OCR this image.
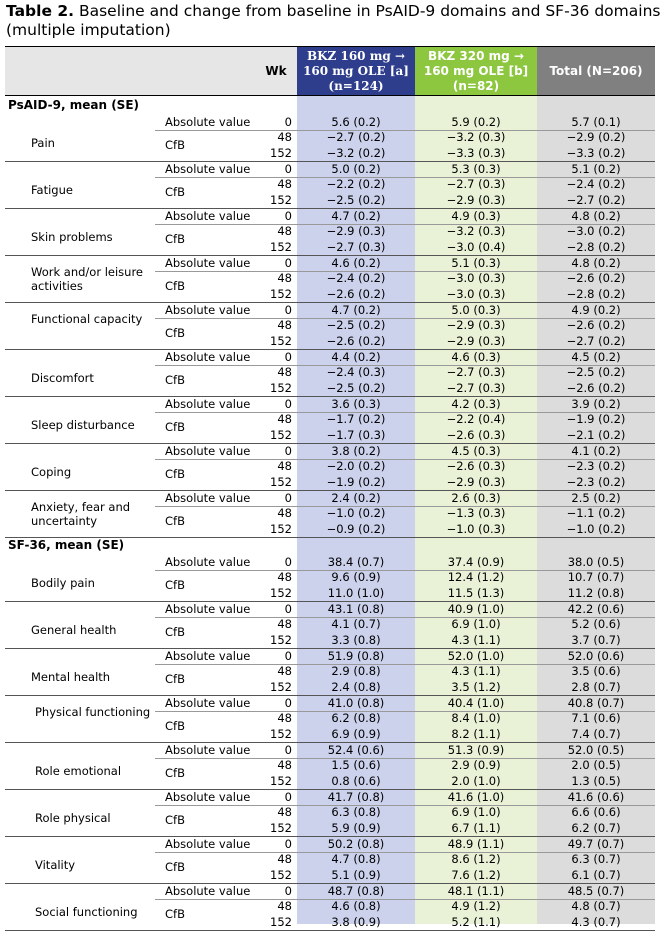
Table 2. Baseline and change from baseline in PsAID-9 domains and SF-36 domains (multiple imputation)
Wk
BKZ 160 mg → 160 mg OLE [a] (n=124)
BKZ 320 mg → 160 mg OLE [b] (n=82)
Total (N=206)
PsAID-9, mean (SE)
Pain
Absolute value	0	5.6 (0.2)	5.9 (0.2)	5.7 (0.1)
CfB
48	−2.7 (0.2)	−3.2 (0.3)	−2.9 (0.2)
152	−3.2 (0.2)	−3.3 (0.3)	−3.3 (0.2)
Fatigue
Absolute value	0	5.0 (0.2)	5.3 (0.3)	5.1 (0.2)
CfB
48	−2.2 (0.2)	−2.7 (0.3)	−2.4 (0.2)
152	−2.5 (0.2)	−2.9 (0.3)	−2.7 (0.2)
Skin problems
Absolute value	0	4.7 (0.2)	4.9 (0.3)	4.8 (0.2)
CfB
48	−2.9 (0.3)	−3.2 (0.3)	−3.0 (0.2)
152	−2.7 (0.3)	−3.0 (0.4)	−2.8 (0.2)
Work and/or leisure activities
Absolute value	0	4.6 (0.2)	5.1 (0.3)	4.8 (0.2)
CfB
48	−2.4 (0.2)	−3.0 (0.3)	−2.6 (0.2)
152	−2.6 (0.2)	−3.0 (0.3)	−2.8 (0.2)
Functional capacity
Absolute value	0	4.7 (0.2)	5.0 (0.3)	4.9 (0.2)
CfB
48	−2.5 (0.2)	−2.9 (0.3)	−2.6 (0.2)
152	−2.6 (0.2)	−2.9 (0.3)	−2.7 (0.2)
Discomfort
Absolute value	0	4.4 (0.2)	4.6 (0.3)	4.5 (0.2)
CfB
48	−2.4 (0.3)	−2.7 (0.3)	−2.5 (0.2)
152	−2.5 (0.2)	−2.7 (0.3)	−2.6 (0.2)
Sleep disturbance
Absolute value	0	3.6 (0.3)	4.2 (0.3)	3.9 (0.2)
CfB
48	−1.7 (0.2)	−2.2 (0.4)	−1.9 (0.2)
152	−1.7 (0.3)	−2.6 (0.3)	−2.1 (0.2)
Coping
Absolute value	0	3.8 (0.2)	4.5 (0.3)	4.1 (0.2)
CfB
48	−2.0 (0.2)	−2.6 (0.3)	−2.3 (0.2)
152	−1.9 (0.2)	−2.9 (0.3)	−2.3 (0.2)
Anxiety, fear and uncertainty
Absolute value	0	2.4 (0.2)	2.6 (0.3)	2.5 (0.2)
CfB
48	−1.0 (0.2)	−1.3 (0.3)	−1.1 (0.2)
152	−0.9 (0.2)	−1.0 (0.3)	−1.0 (0.2)
SF-36, mean (SE)
Bodily pain
Absolute value	0	38.4 (0.7)	37.4 (0.9)	38.0 (0.5)
CfB
48	9.6 (0.9)	12.4 (1.2)	10.7 (0.7)
152	11.0 (1.0)	11.5 (1.3)	11.2 (0.8)
General health
Absolute value	0	43.1 (0.8)	40.9 (1.0)	42.2 (0.6)
CfB
48	4.1 (0.7)	6.9 (1.0)	5.2 (0.6)
152	3.3 (0.8)	4.3 (1.1)	3.7 (0.7)
Mental health
Absolute value	0	51.9 (0.8)	52.0 (1.0)	52.0 (0.6)
CfB
48	2.9 (0.8)	4.3 (1.1)	3.5 (0.6)
152	2.4 (0.8)	3.5 (1.2)	2.8 (0.7)
Physical functioning
Absolute value	0	41.0 (0.8)	40.4 (1.0)	40.8 (0.7)
CfB
48	6.2 (0.8)	8.4 (1.0)	7.1 (0.6)
152	6.9 (0.9)	8.2 (1.1)	7.4 (0.7)
Role emotional
Absolute value	0	52.4 (0.6)	51.3 (0.9)	52.0 (0.5)
CfB
48	1.5 (0.6)	2.9 (0.9)	2.0 (0.5)
152	0.8 (0.6)	2.0 (1.0)	1.3 (0.5)
Role physical
Absolute value	0	41.7 (0.8)	41.6 (1.0)	41.6 (0.6)
CfB
48	6.3 (0.8)	6.9 (1.0)	6.6 (0.6)
152	5.9 (0.9)	6.7 (1.1)	6.2 (0.7)
Vitality
Absolute value	0	50.2 (0.8)	48.9 (1.1)	49.7 (0.7)
CfB
48	4.7 (0.8)	8.6 (1.2)	6.3 (0.7)
152	5.1 (0.9)	7.6 (1.2)	6.1 (0.7)
Social functioning
Absolute value	0	48.7 (0.8)	48.1 (1.1)	48.5 (0.7)
CfB
48	4.6 (0.8)	4.9 (1.2)	4.8 (0.7)
152	3.8 (0.9)	5.2 (1.1)	4.3 (0.7)
